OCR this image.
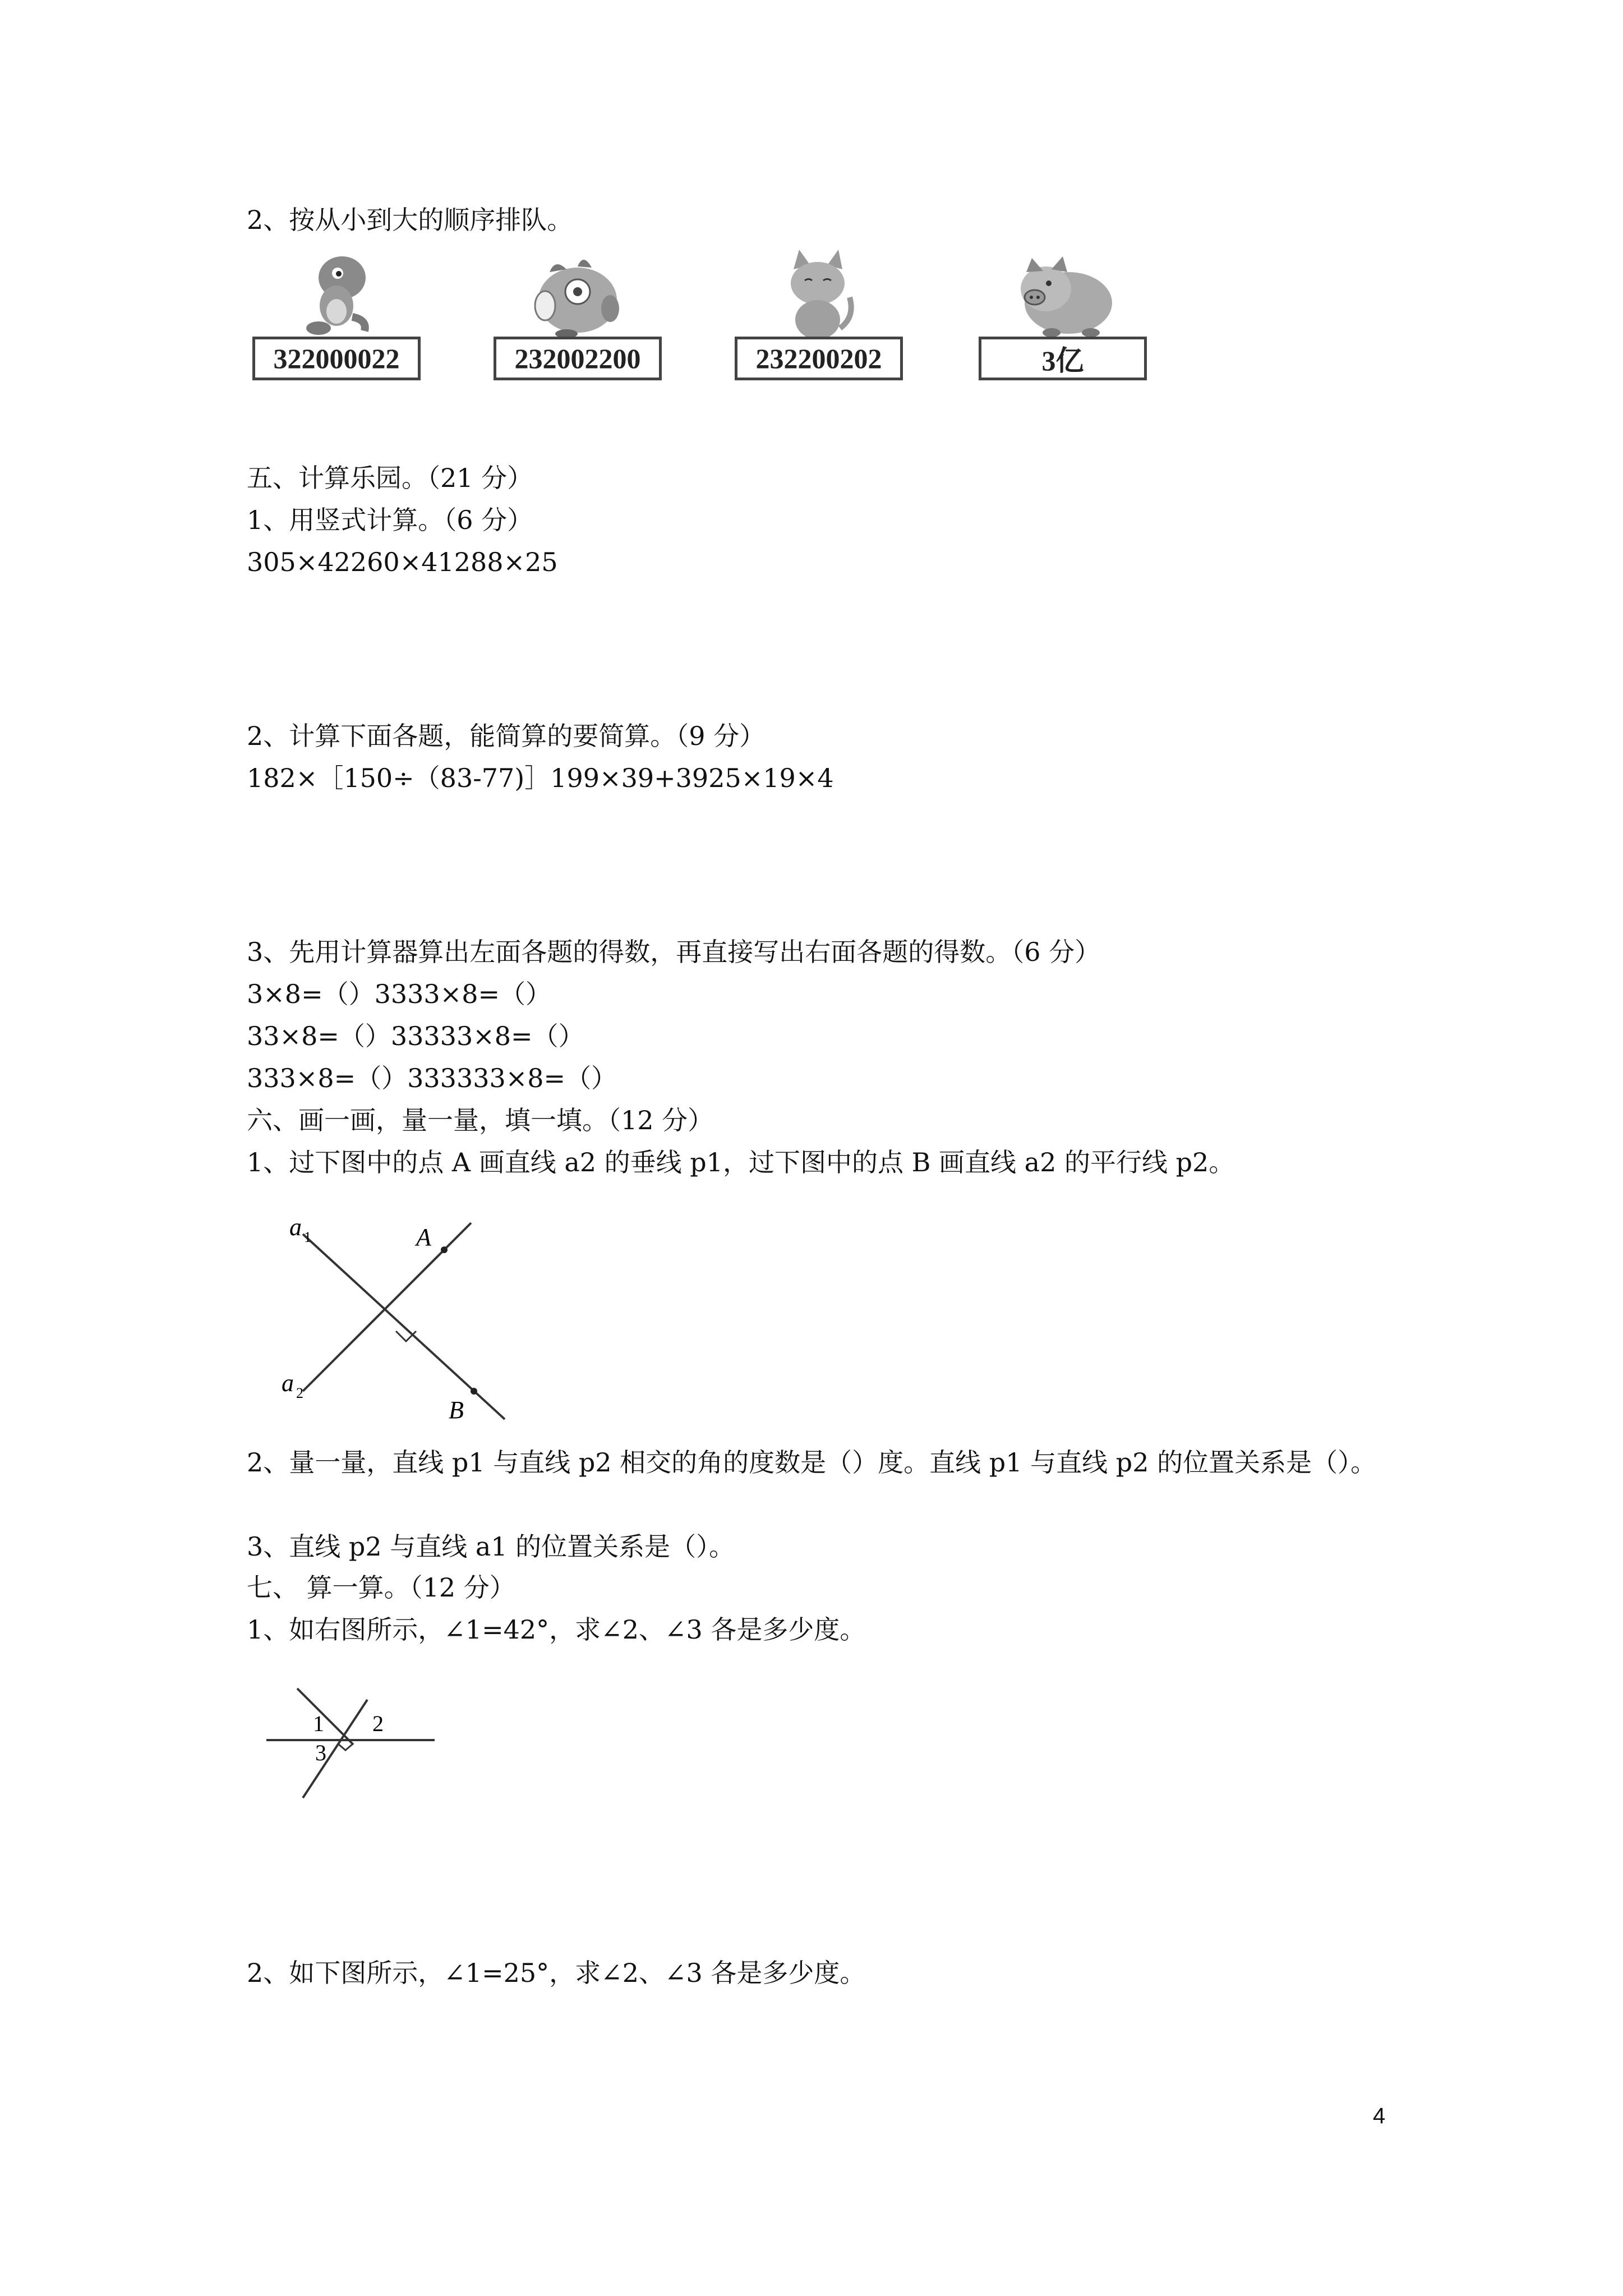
2、按从小到大的顺序排队。
322000022	232002200	232200202	3亿
五、计算乐园。（21 分）
1、用竖式计算。（6 分）
305×42260×41288×25
2、计算下面各题，能简算的要简算。（9 分）
182×［150÷（83-77)］199×39+3925×19×4
3、先用计算器算出左面各题的得数，再直接写出右面各题的得数。（6 分）
3×8=（）3333×8=（）
33×8=（）33333×8=（）
333×8=（）333333×8=（）
六、画一画，量一量，填一填。（12 分）
1、过下图中的点 A 画直线 a2 的垂线 p1，过下图中的点 B 画直线 a2 的平行线 p2。
a 1
a 2
A
B
2、量一量，直线 p1 与直线 p2 相交的角的度数是（）度。直线 p1 与直线 p2 的位置关系是（）。
3、直线 p2 与直线 a1 的位置关系是（）。
七、 算一算。（12 分）
1、如右图所示，∠1=42°，求∠2、∠3 各是多少度。
1 2
3
2、如下图所示，∠1=25°，求∠2、∠3 各是多少度。
4
